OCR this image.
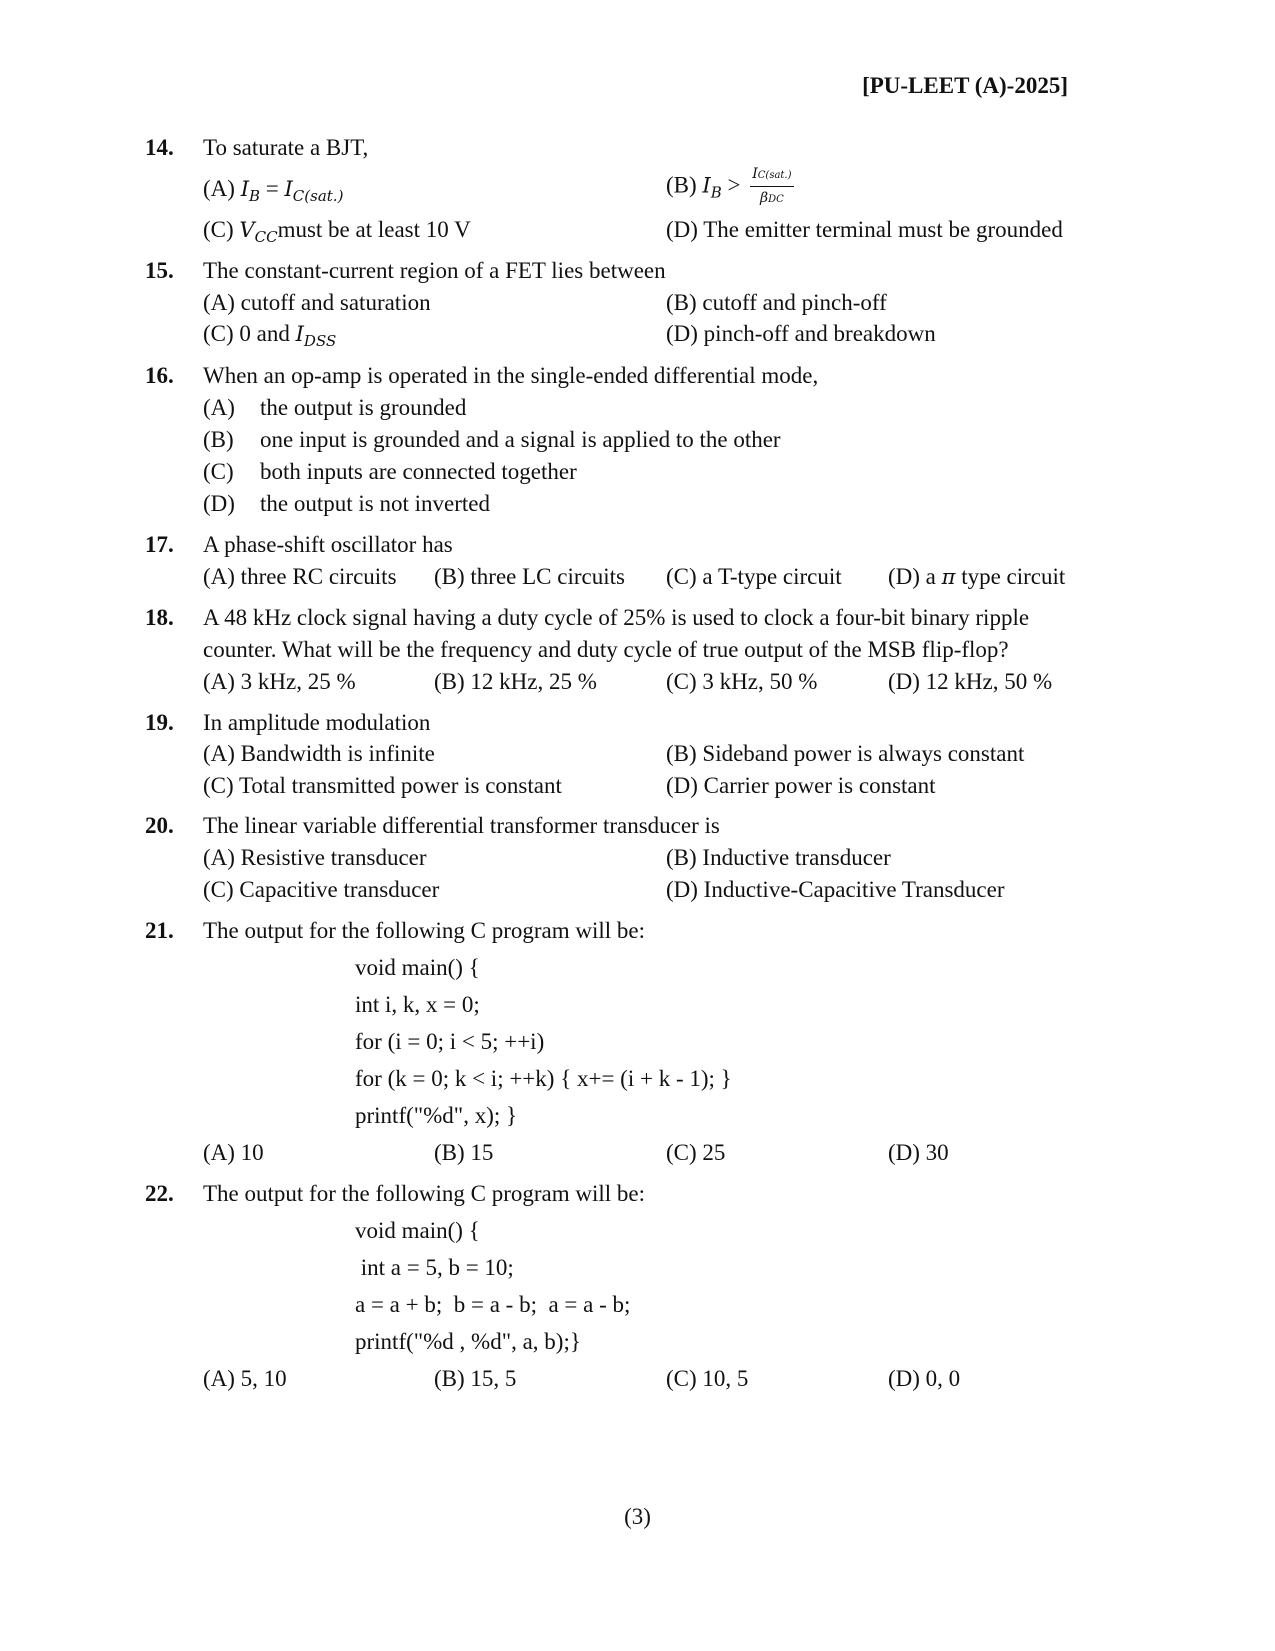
[PU-LEET (A)-2025]
14. To saturate a BJT,
(A) $I_B = I_{C(sat.)}$	(B) $I_B > \frac{\text{IC(sat.)}}{\text{βDC}}$
(C) $V_{CC}must$ be at least 10 V	(D) The emitter terminal must be grounded
15. The constant-current region of a FET lies between
(A) cutoff and saturation	(B) cutoff and pinch-off
(C) 0 and $I_{DSS}$	(D) pinch-off and breakdown
16. When an op-amp is operated in the single-ended differential mode,
(A) the output is grounded
(B) one input is grounded and a signal is applied to the other
(C) both inputs are connected together
(D) the output is not inverted
17. A phase-shift oscillator has
(A) three RC circuits (B) three LC circuits (C) a T-type circuit (D) a π type circuit
18. A 48 kHz clock signal having a duty cycle of 25% is used to clock a four-bit binary ripple
counter. What will be the frequency and duty cycle of true output of the MSB flip-flop?
(A) 3 kHz, 25 %	(B) 12 kHz, 25 %	(C) 3 kHz, 50 %	(D) 12 kHz, 50 %
19. In amplitude modulation
(A) Bandwidth is infinite	(B) Sideband power is always constant
(C) Total transmitted power is constant	(D) Carrier power is constant
20. The linear variable differential transformer transducer is
(A) Resistive transducer	(B) Inductive transducer
(C) Capacitive transducer	(D) Inductive-Capacitive Transducer
21. The output for the following C program will be:
void main() {
int i, k, x = 0;
for (i = 0; i < 5; ++i)
for (k = 0; k < i; ++k) { x+= (i + k - 1); }
printf("%d", x); }
(A) 10	(B) 15	(C) 25	(D) 30
22. The output for the following C program will be:
void main() {
int a = 5, b = 10;
a = a + b;  b = a - b;  a = a - b;
printf("%d , %d", a, b);}
(A) 5, 10	(B) 15, 5	(C) 10, 5	(D) 0, 0
(3)
